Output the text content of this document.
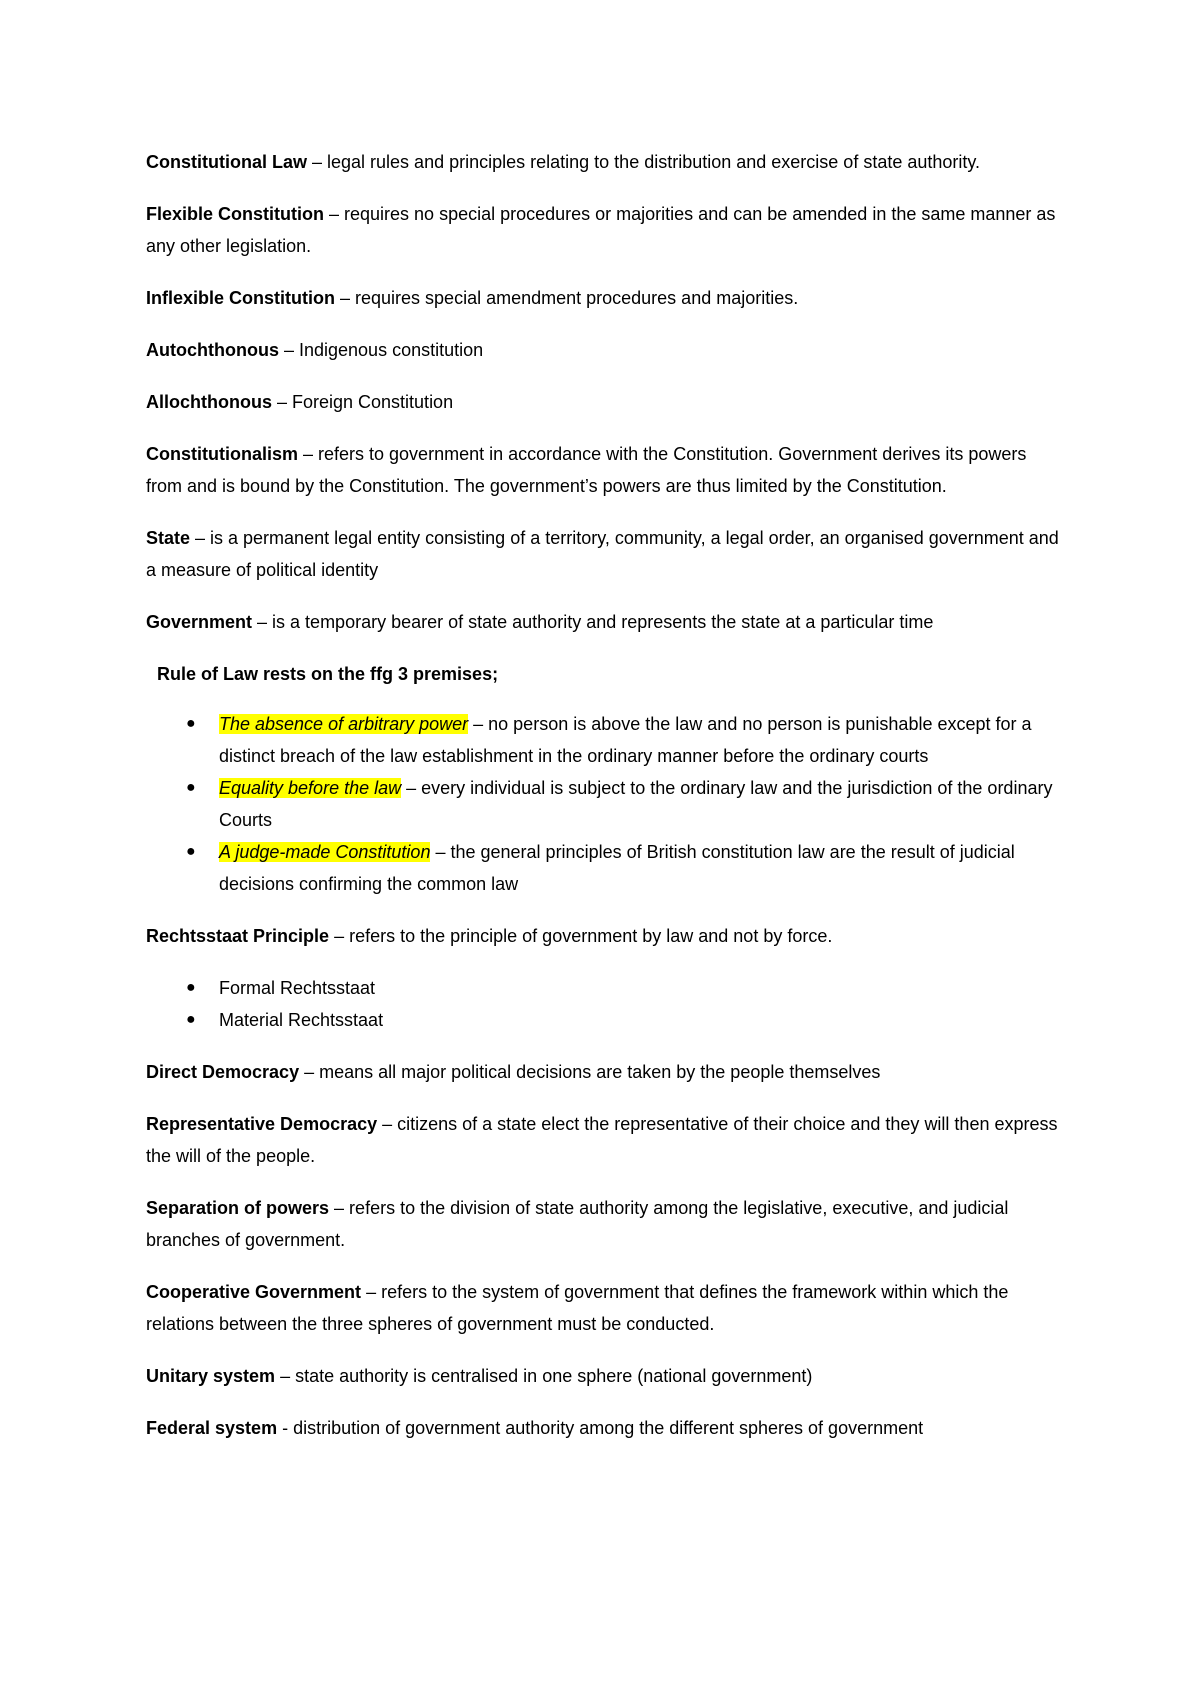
Constitutional Law – legal rules and principles relating to the distribution and exercise of state authority.

Flexible Constitution – requires no special procedures or majorities and can be amended in the same manner as any other legislation.

Inflexible Constitution – requires special amendment procedures and majorities.

Autochthonous – Indigenous constitution

Allochthonous – Foreign Constitution

Constitutionalism – refers to government in accordance with the Constitution. Government derives its powers from and is bound by the Constitution. The government’s powers are thus limited by the Constitution.

State – is a permanent legal entity consisting of a territory, community, a legal order, an organised government and a measure of political identity

Government – is a temporary bearer of state authority and represents the state at a particular time

Rule of Law rests on the ffg 3 premises;

● The absence of arbitrary power – no person is above the law and no person is punishable except for a distinct breach of the law establishment in the ordinary manner before the ordinary courts
● Equality before the law – every individual is subject to the ordinary law and the jurisdiction of the ordinary Courts
● A judge-made Constitution – the general principles of British constitution law are the result of judicial decisions confirming the common law

Rechtsstaat Principle – refers to the principle of government by law and not by force.

● Formal Rechtsstaat
● Material Rechtsstaat

Direct Democracy – means all major political decisions are taken by the people themselves

Representative Democracy – citizens of a state elect the representative of their choice and they will then express the will of the people.

Separation of powers – refers to the division of state authority among the legislative, executive, and judicial branches of government.

Cooperative Government – refers to the system of government that defines the framework within which the relations between the three spheres of government must be conducted.

Unitary system – state authority is centralised in one sphere (national government)

Federal system - distribution of government authority among the different spheres of government
